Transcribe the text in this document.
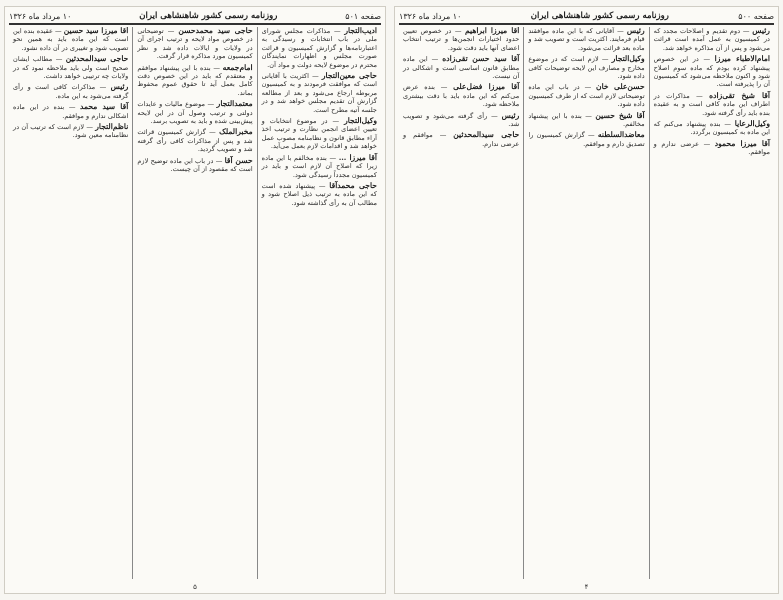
صفحه ۵۰۱
روزنامه رسمی کشور شاهنشاهی ایران
۱۰ مرداد ماه ۱۳۲۶
ادیب‌التجار — مذاکرات مجلس شورای ملی در باب انتخابات و رسیدگی به اعتبارنامه‌ها و گزارش کمیسیون و قرائت صورت مجلس و اظهارات نمایندگان محترم در موضوع لایحه دولت و مواد آن.
حاجی معین‌التجار — اکثریت با آقایانی است که موافقت فرمودند و به کمیسیون مربوطه ارجاع می‌شود و بعد از مطالعه گزارش آن تقدیم مجلس خواهد شد و در جلسه آتیه مطرح است.
وکیل‌التجار — در موضوع انتخابات و تعیین اعضای انجمن نظارت و ترتیب اخذ آراء مطابق قانون و نظامنامه مصوب عمل خواهد شد و اقدامات لازم بعمل می‌آید.
آقا میرزا … — بنده مخالفم با این ماده زیرا که اصلاح آن لازم است و باید در کمیسیون مجدداً رسیدگی شود.
حاجی محمدآقا — پیشنهاد شده است که این ماده به ترتیب ذیل اصلاح شود و مطالب آن به رأی گذاشته شود.
حاجی سید محمدحسن — توضیحاتی در خصوص مواد لایحه و ترتیب اجرای آن در ولایات و ایالات داده شد و نظر کمیسیون مورد مذاکره قرار گرفت.
امام‌جمعه — بنده با این پیشنهاد موافقم و معتقدم که باید در این خصوص دقت کامل بعمل آید تا حقوق عموم محفوظ بماند.
معتمدالتجار — موضوع مالیات و عایدات دولتی و ترتیب وصول آن در این لایحه پیش‌بینی شده و باید به تصویب برسد.
مخبرالملک — گزارش کمیسیون قرائت شد و پس از مذاکرات کافی رأی گرفته شد و تصویب گردید.
حسن آقا — در باب این ماده توضیح لازم است که مقصود از آن چیست.
آقا میرزا سید حسین — عقیده بنده این است که این ماده باید به همین نحو تصویب شود و تغییری در آن داده نشود.
حاجی سیدالمحدثین — مطالب ایشان صحیح است ولی باید ملاحظه نمود که در ولایات چه ترتیبی خواهد داشت.
رئیس — مذاکرات کافی است و رأی گرفته می‌شود به این ماده.
آقا سید محمد — بنده در این ماده اشکالی ندارم و موافقم.
ناظم‌التجار — لازم است که ترتیب آن در نظامنامه معین شود.
۵
صفحه ۵۰۰
روزنامه رسمی کشور شاهنشاهی ایران
۱۰ مرداد ماه ۱۳۲۶
رئیس — دوم تقدیم و اصلاحات مجدد که در کمیسیون به عمل آمده است قرائت می‌شود و پس از آن مذاکره خواهد شد.
امام‌الاطباء میرزا — در این خصوص پیشنهاد کرده بودم که ماده سوم اصلاح شود و اکنون ملاحظه می‌شود که کمیسیون آن را پذیرفته است.
آقا شیخ تقی‌زاده — مذاکرات در اطراف این ماده کافی است و به عقیده بنده باید رأی گرفته شود.
وکیل‌الرعایا — بنده پیشنهاد می‌کنم که این ماده به کمیسیون برگردد.
آقا میرزا محمود — عرضی ندارم و موافقم.
رئیس — آقایانی که با این ماده موافقند قیام فرمایند. اکثریت است و تصویب شد و ماده بعد قرائت می‌شود.
وکیل‌التجار — لازم است که در موضوع مخارج و مصارف این لایحه توضیحات کافی داده شود.
حسن‌علی خان — در باب این ماده توضیحاتی لازم است که از طرف کمیسیون داده شود.
آقا شیخ حسین — بنده با این پیشنهاد مخالفم.
معاضدالسلطنه — گزارش کمیسیون را تصدیق دارم و موافقم.
آقا میرزا ابراهیم — در خصوص تعیین حدود اختیارات انجمن‌ها و ترتیب انتخاب اعضای آنها باید دقت شود.
آقا سید حسن تقی‌زاده — این ماده مطابق قانون اساسی است و اشکالی در آن نیست.
آقا میرزا فضل‌علی — بنده عرض می‌کنم که این ماده باید با دقت بیشتری ملاحظه شود.
رئیس — رأی گرفته می‌شود و تصویب شد.
حاجی سیدالمحدثین — موافقم و عرضی ندارم.
۴
